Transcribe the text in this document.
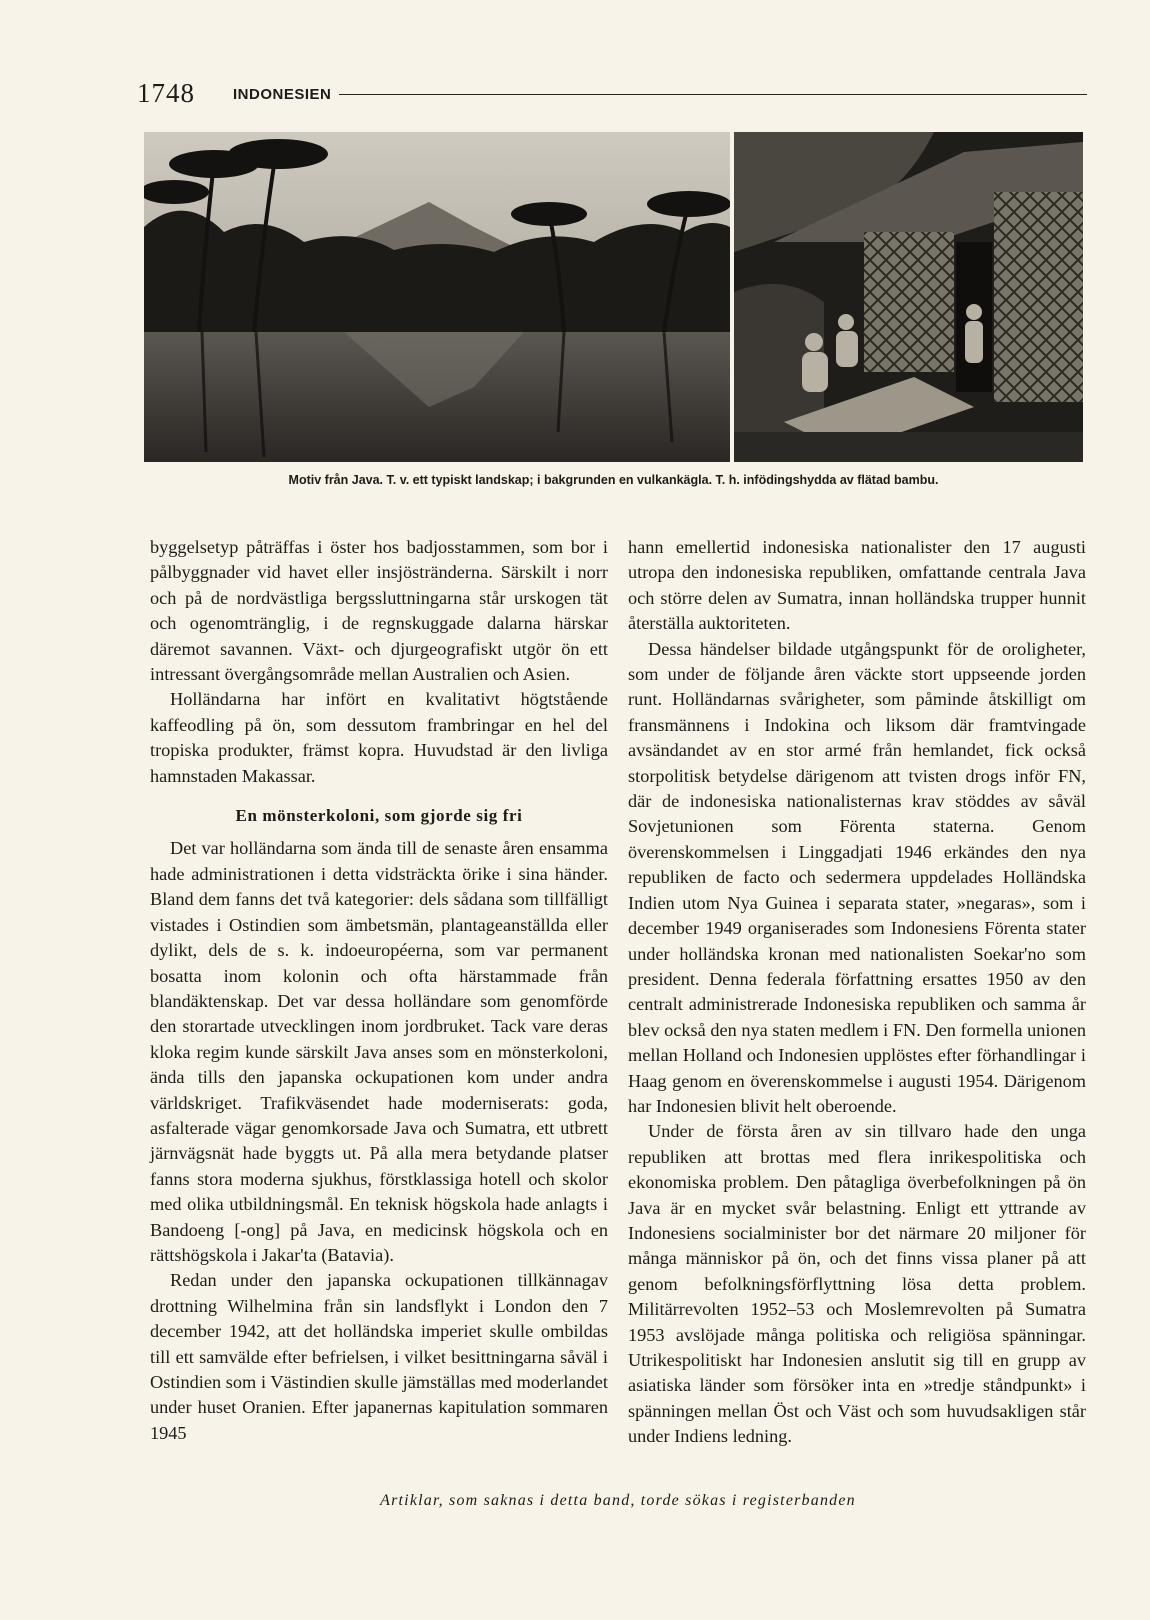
1748	INDONESIEN
Motiv från Java. T. v. ett typiskt landskap; i bakgrunden en vulkankägla. T. h. infödingshydda av flätad bambu.

byggelsetyp påträffas i öster hos badjosstammen, som bor i pålbyggnader vid havet eller insjöstränderna. Särskilt i norr och på de nordvästliga bergssluttningarna står urskogen tät och ogenomtränglig, i de regnskuggade dalarna härskar däremot savannen. Växt- och djurgeografiskt utgör ön ett intressant övergångsområde mellan Australien och Asien.

Holländarna har infört en kvalitativt högtstående kaffeodling på ön, som dessutom frambringar en hel del tropiska produkter, främst kopra. Huvudstad är den livliga hamnstaden Makassar.

En mönsterkoloni, som gjorde sig fri

Det var holländarna som ända till de senaste åren ensamma hade administrationen i detta vidsträckta örike i sina händer. Bland dem fanns det två kategorier: dels sådana som tillfälligt vistades i Ostindien som ämbetsmän, plantageanställda eller dylikt, dels de s. k. indoeuropéerna, som var permanent bosatta inom kolonin och ofta härstammade från blandäktenskap. Det var dessa holländare som genomförde den storartade utvecklingen inom jordbruket. Tack vare deras kloka regim kunde särskilt Java anses som en mönsterkoloni, ända tills den japanska ockupationen kom under andra världskriget. Trafikväsendet hade moderniserats: goda, asfalterade vägar genomkorsade Java och Sumatra, ett utbrett järnvägsnät hade byggts ut. På alla mera betydande platser fanns stora moderna sjukhus, förstklassiga hotell och skolor med olika utbildningsmål. En teknisk högskola hade anlagts i Bandoeng [-ong] på Java, en medicinsk högskola och en rättshögskola i Jakar'ta (Batavia).

Redan under den japanska ockupationen tillkännagav drottning Wilhelmina från sin landsflykt i London den 7 december 1942, att det holländska imperiet skulle ombildas till ett samvälde efter befrielsen, i vilket besittningarna såväl i Ostindien som i Västindien skulle jämställas med moderlandet under huset Oranien. Efter japanernas kapitulation sommaren 1945

hann emellertid indonesiska nationalister den 17 augusti utropa den indonesiska republiken, omfattande centrala Java och större delen av Sumatra, innan holländska trupper hunnit återställa auktoriteten.

Dessa händelser bildade utgångspunkt för de oroligheter, som under de följande åren väckte stort uppseende jorden runt. Holländarnas svårigheter, som påminde åtskilligt om fransmännens i Indokina och liksom där framtvingade avsändandet av en stor armé från hemlandet, fick också storpolitisk betydelse därigenom att tvisten drogs inför FN, där de indonesiska nationalisternas krav stöddes av såväl Sovjetunionen som Förenta staterna. Genom överenskommelsen i Linggadjati 1946 erkändes den nya republiken de facto och sedermera uppdelades Holländska Indien utom Nya Guinea i separata stater, »negaras», som i december 1949 organiserades som Indonesiens Förenta stater under holländska kronan med nationalisten Soekar'no som president. Denna federala författning ersattes 1950 av den centralt administrerade Indonesiska republiken och samma år blev också den nya staten medlem i FN. Den formella unionen mellan Holland och Indonesien upplöstes efter förhandlingar i Haag genom en överenskommelse i augusti 1954. Därigenom har Indonesien blivit helt oberoende.

Under de första åren av sin tillvaro hade den unga republiken att brottas med flera inrikespolitiska och ekonomiska problem. Den påtagliga överbefolkningen på ön Java är en mycket svår belastning. Enligt ett yttrande av Indonesiens socialminister bor det närmare 20 miljoner för många människor på ön, och det finns vissa planer på att genom befolkningsförflyttning lösa detta problem. Militärrevolten 1952–53 och Moslemrevolten på Sumatra 1953 avslöjade många politiska och religiösa spänningar. Utrikespolitiskt har Indonesien anslutit sig till en grupp av asiatiska länder som försöker inta en »tredje ståndpunkt» i spänningen mellan Öst och Väst och som huvudsakligen står under Indiens ledning.

Artiklar, som saknas i detta band, torde sökas i registerbanden
